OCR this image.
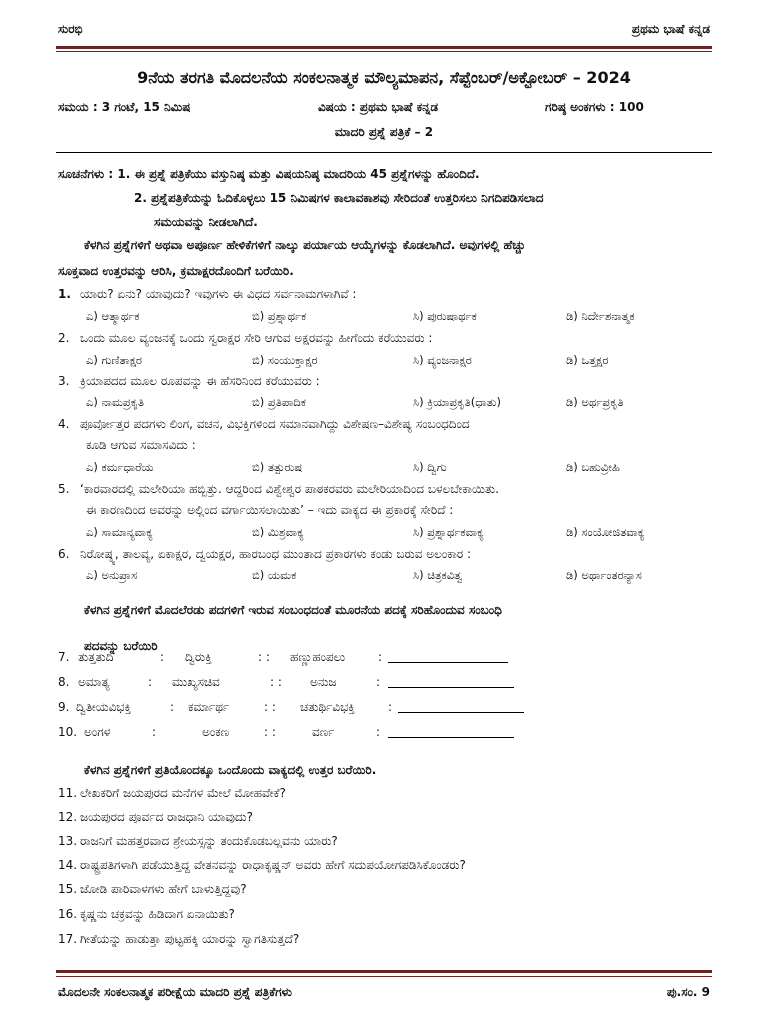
ಸುರಭಿ	ಪ್ರಥಮ ಭಾಷೆ ಕನ್ನಡ
9ನೆಯ ತರಗತಿ ಮೊದಲನೆಯ ಸಂಕಲನಾತ್ಮಕ ಮೌಲ್ಯಮಾಪನ, ಸೆಪ್ಟೆಂಬರ್/ಅಕ್ಟೋಬರ್ – 2024
ಸಮಯ : 3 ಗಂಟೆ, 15 ನಿಮಿಷ	ವಿಷಯ : ಪ್ರಥಮ ಭಾಷೆ ಕನ್ನಡ	ಗರಿಷ್ಠ ಅಂಕಗಳು : 100
ಮಾದರಿ ಪ್ರಶ್ನೆ ಪತ್ರಿಕೆ – 2
ಸೂಚನೆಗಳು : 1. ಈ ಪ್ರಶ್ನೆ ಪತ್ರಿಕೆಯು ವಸ್ತುನಿಷ್ಠ ಮತ್ತು ವಿಷಯನಿಷ್ಠ ಮಾದರಿಯ 45 ಪ್ರಶ್ನೆಗಳನ್ನು ಹೊಂದಿದೆ.
2. ಪ್ರಶ್ನೆಪತ್ರಿಕೆಯನ್ನು ಓದಿಕೊಳ್ಳಲು 15 ನಿಮಿಷಗಳ ಕಾಲಾವಕಾಶವು ಸೇರಿದಂತೆ ಉತ್ತರಿಸಲು ನಿಗದಿಪಡಿಸಲಾದ
ಸಮಯವನ್ನು ನೀಡಲಾಗಿದೆ.
ಕೆಳಗಿನ ಪ್ರಶ್ನೆಗಳಿಗೆ ಅಥವಾ ಅಪೂರ್ಣ ಹೇಳಿಕೆಗಳಿಗೆ ನಾಲ್ಕು ಪರ್ಯಾಯ ಆಯ್ಕೆಗಳನ್ನು ಕೊಡಲಾಗಿದೆ. ಅವುಗಳಲ್ಲಿ ಹೆಚ್ಚು
ಸೂಕ್ತವಾದ ಉತ್ತರವನ್ನು ಆರಿಸಿ, ಕ್ರಮಾಕ್ಷರದೊಂದಿಗೆ ಬರೆಯಿರಿ.
1. ಯಾರು? ಏನು? ಯಾವುದು? ಇವುಗಳು ಈ ವಿಧದ ಸರ್ವನಾಮಗಳಾಗಿವೆ :
ಎ) ಆತ್ಮಾರ್ಥಕ	ಬಿ) ಪ್ರಶ್ನಾರ್ಥಕ	ಸಿ) ಪುರುಷಾರ್ಥಕ	ಡಿ) ನಿರ್ದೇಶನಾತ್ಮಕ
2. ಒಂದು ಮೂಲ ವ್ಯಂಜನಕ್ಕೆ ಒಂದು ಸ್ವರಾಕ್ಷರ ಸೇರಿ ಆಗುವ ಅಕ್ಷರವನ್ನು ಹೀಗೆಂದು ಕರೆಯುವರು :
ಎ) ಗುಣಿತಾಕ್ಷರ	ಬಿ) ಸಂಯುಕ್ತಾಕ್ಷರ	ಸಿ) ವ್ಯಂಜನಾಕ್ಷರ	ಡಿ) ಒತ್ತಕ್ಷರ
3. ಕ್ರಿಯಾಪದದ ಮೂಲ ರೂಪವನ್ನು ಈ ಹೆಸರಿನಿಂದ ಕರೆಯುವರು :
ಎ) ನಾಮಪ್ರಕೃತಿ	ಬಿ) ಪ್ರತಿಪಾದಿಕ	ಸಿ) ಕ್ರಿಯಾಪ್ರಕೃತಿ(ಧಾತು)	ಡಿ) ಅರ್ಥಪ್ರಕೃತಿ
4. ಪೂರ್ವೋತ್ತರ ಪದಗಳು ಲಿಂಗ, ವಚನ, ವಿಭಕ್ತಿಗಳಿಂದ ಸಮಾನವಾಗಿದ್ದು ವಿಶೇಷಣ–ವಿಶೇಷ್ಯ ಸಂಬಂಧದಿಂದ
ಕೂಡಿ ಆಗುವ ಸಮಾಸವಿದು :
ಎ) ಕರ್ಮಧಾರೆಯ	ಬಿ) ತತ್ಪುರುಷ	ಸಿ) ದ್ವಿಗು	ಡಿ) ಬಹುವ್ರೀಹಿ
5. ‘ಕಾರವಾರದಲ್ಲಿ ಮಲೇರಿಯಾ ಹಬ್ಬಿತ್ತು. ಆದ್ದರಿಂದ ವಿಶ್ವೇಶ್ವರ ಪಾಠಕರವರು ಮಲೇರಿಯಾದಿಂದ ಬಳಲಬೇಕಾಯಿತು.
ಈ ಕಾರಣದಿಂದ ಅವರನ್ನು ಅಲ್ಲಿಂದ ವರ್ಗಾಯಿಸಲಾಯಿತು’ – ಇದು ವಾಕ್ಯದ ಈ ಪ್ರಕಾರಕ್ಕೆ ಸೇರಿದೆ :
ಎ) ಸಾಮಾನ್ಯವಾಕ್ಯ	ಬಿ) ಮಿಶ್ರವಾಕ್ಯ	ಸಿ) ಪ್ರಶ್ನಾರ್ಥಕವಾಕ್ಯ	ಡಿ) ಸಂಯೋಜಿತವಾಕ್ಯ
6. ನಿರೋಷ್ಠ್ಯ, ತಾಲವ್ಯ, ಏಕಾಕ್ಷರ, ದ್ವಯಕ್ಷರ, ಹಾರಬಂಧ ಮುಂತಾದ ಪ್ರಕಾರಗಳು ಕಂಡು ಬರುವ ಅಲಂಕಾರ :
ಎ) ಅನುಪ್ರಾಸ	ಬಿ) ಯಮಕ	ಸಿ) ಚಿತ್ರಕವಿತ್ವ	ಡಿ) ಅರ್ಥಾಂತರನ್ಯಾಸ
ಕೆಳಗಿನ ಪ್ರಶ್ನೆಗಳಿಗೆ ಮೊದಲೆರಡು ಪದಗಳಿಗೆ ಇರುವ ಸಂಬಂಧದಂತೆ ಮೂರನೆಯ ಪದಕ್ಕೆ ಸರಿಹೊಂದುವ ಸಂಬಂಧಿ
ಪದವನ್ನು ಬರೆಯಿರಿ
7. ತುತ್ತತುದಿ	: ದ್ವಿರುಕ್ತಿ	: : ಹಣ್ಣುಹಂಪಲು	:
8. ಅಮಾತ್ಯ	: ಮುಖ್ಯಸಚಿವ	: : ಅನುಜ	:
9. ದ್ವಿತೀಯವಿಭಕ್ತಿ	: ಕರ್ಮಾರ್ಥ	: : ಚತುರ್ಥಿವಿಭಕ್ತಿ	:
10. ಅಂಗಳ	:	ಅಂಕಣ	: :	ವರ್ಣ	:
ಕೆಳಗಿನ ಪ್ರಶ್ನೆಗಳಿಗೆ ಪ್ರತಿಯೊಂದಕ್ಕೂ ಒಂದೊಂದು ವಾಕ್ಯದಲ್ಲಿ ಉತ್ತರ ಬರೆಯಿರಿ.
11. ಲೇಖಕರಿಗೆ ಜಯಪುರದ ಮನೆಗಳ ಮೇಲೆ ಮೋಹವೇಕೆ?
12. ಜಯಪುರದ ಪೂರ್ವದ ರಾಜಧಾನಿ ಯಾವುದು?
13. ರಾಜನಿಗೆ ಮಹತ್ತರವಾದ ಶ್ರೇಯಸ್ಸನ್ನು ತಂದುಕೊಡಬಲ್ಲವನು ಯಾರು?
14. ರಾಷ್ಟ್ರಪತಿಗಳಾಗಿ ಪಡೆಯುತ್ತಿದ್ದ ವೇತನವನ್ನು ರಾಧಾಕೃಷ್ಣನ್ ಅವರು ಹೇಗೆ ಸದುಪಯೋಗಪಡಿಸಿಕೊಂಡರು?
15. ಜೋಡಿ ಪಾರಿವಾಳಗಳು ಹೇಗೆ ಬಾಳುತ್ತಿದ್ದವು?
16. ಕೃಷ್ಣನು ಚಕ್ರವನ್ನು ಹಿಡಿದಾಗ ಏನಾಯಿತು?
17. ಗೀತೆಯನ್ನು ಹಾಡುತ್ತಾ ಪುಟ್ಟಹಕ್ಕಿ ಯಾರನ್ನು ಸ್ವಾಗತಿಸುತ್ತದೆ?
ಮೊದಲನೇ ಸಂಕಲನಾತ್ಮಕ ಪರೀಕ್ಷೆಯ ಮಾದರಿ ಪ್ರಶ್ನೆ ಪತ್ರಿಕೆಗಳು	ಪು.ಸಂ. 9
